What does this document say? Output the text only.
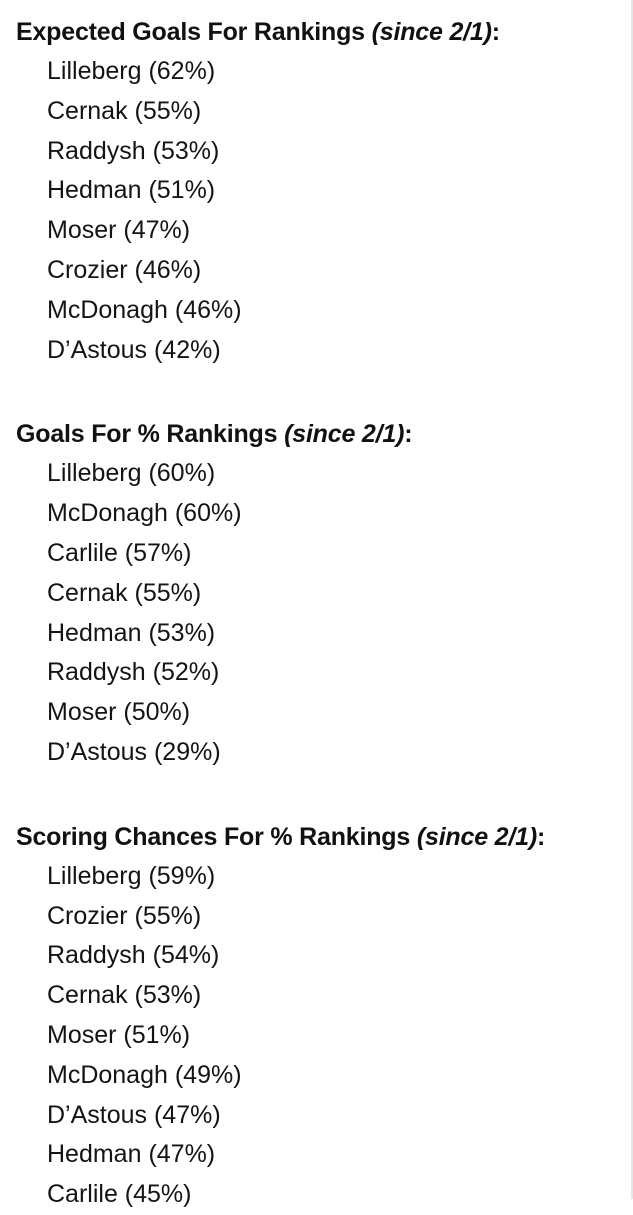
Expected Goals For Rankings (since 2/1):
Lilleberg (62%)
Cernak (55%)
Raddysh (53%)
Hedman (51%)
Moser (47%)
Crozier (46%)
McDonagh (46%)
D’Astous (42%)
Goals For % Rankings (since 2/1):
Lilleberg (60%)
McDonagh (60%)
Carlile (57%)
Cernak (55%)
Hedman (53%)
Raddysh (52%)
Moser (50%)
D’Astous (29%)
Scoring Chances For % Rankings (since 2/1):
Lilleberg (59%)
Crozier (55%)
Raddysh (54%)
Cernak (53%)
Moser (51%)
McDonagh (49%)
D’Astous (47%)
Hedman (47%)
Carlile (45%)
